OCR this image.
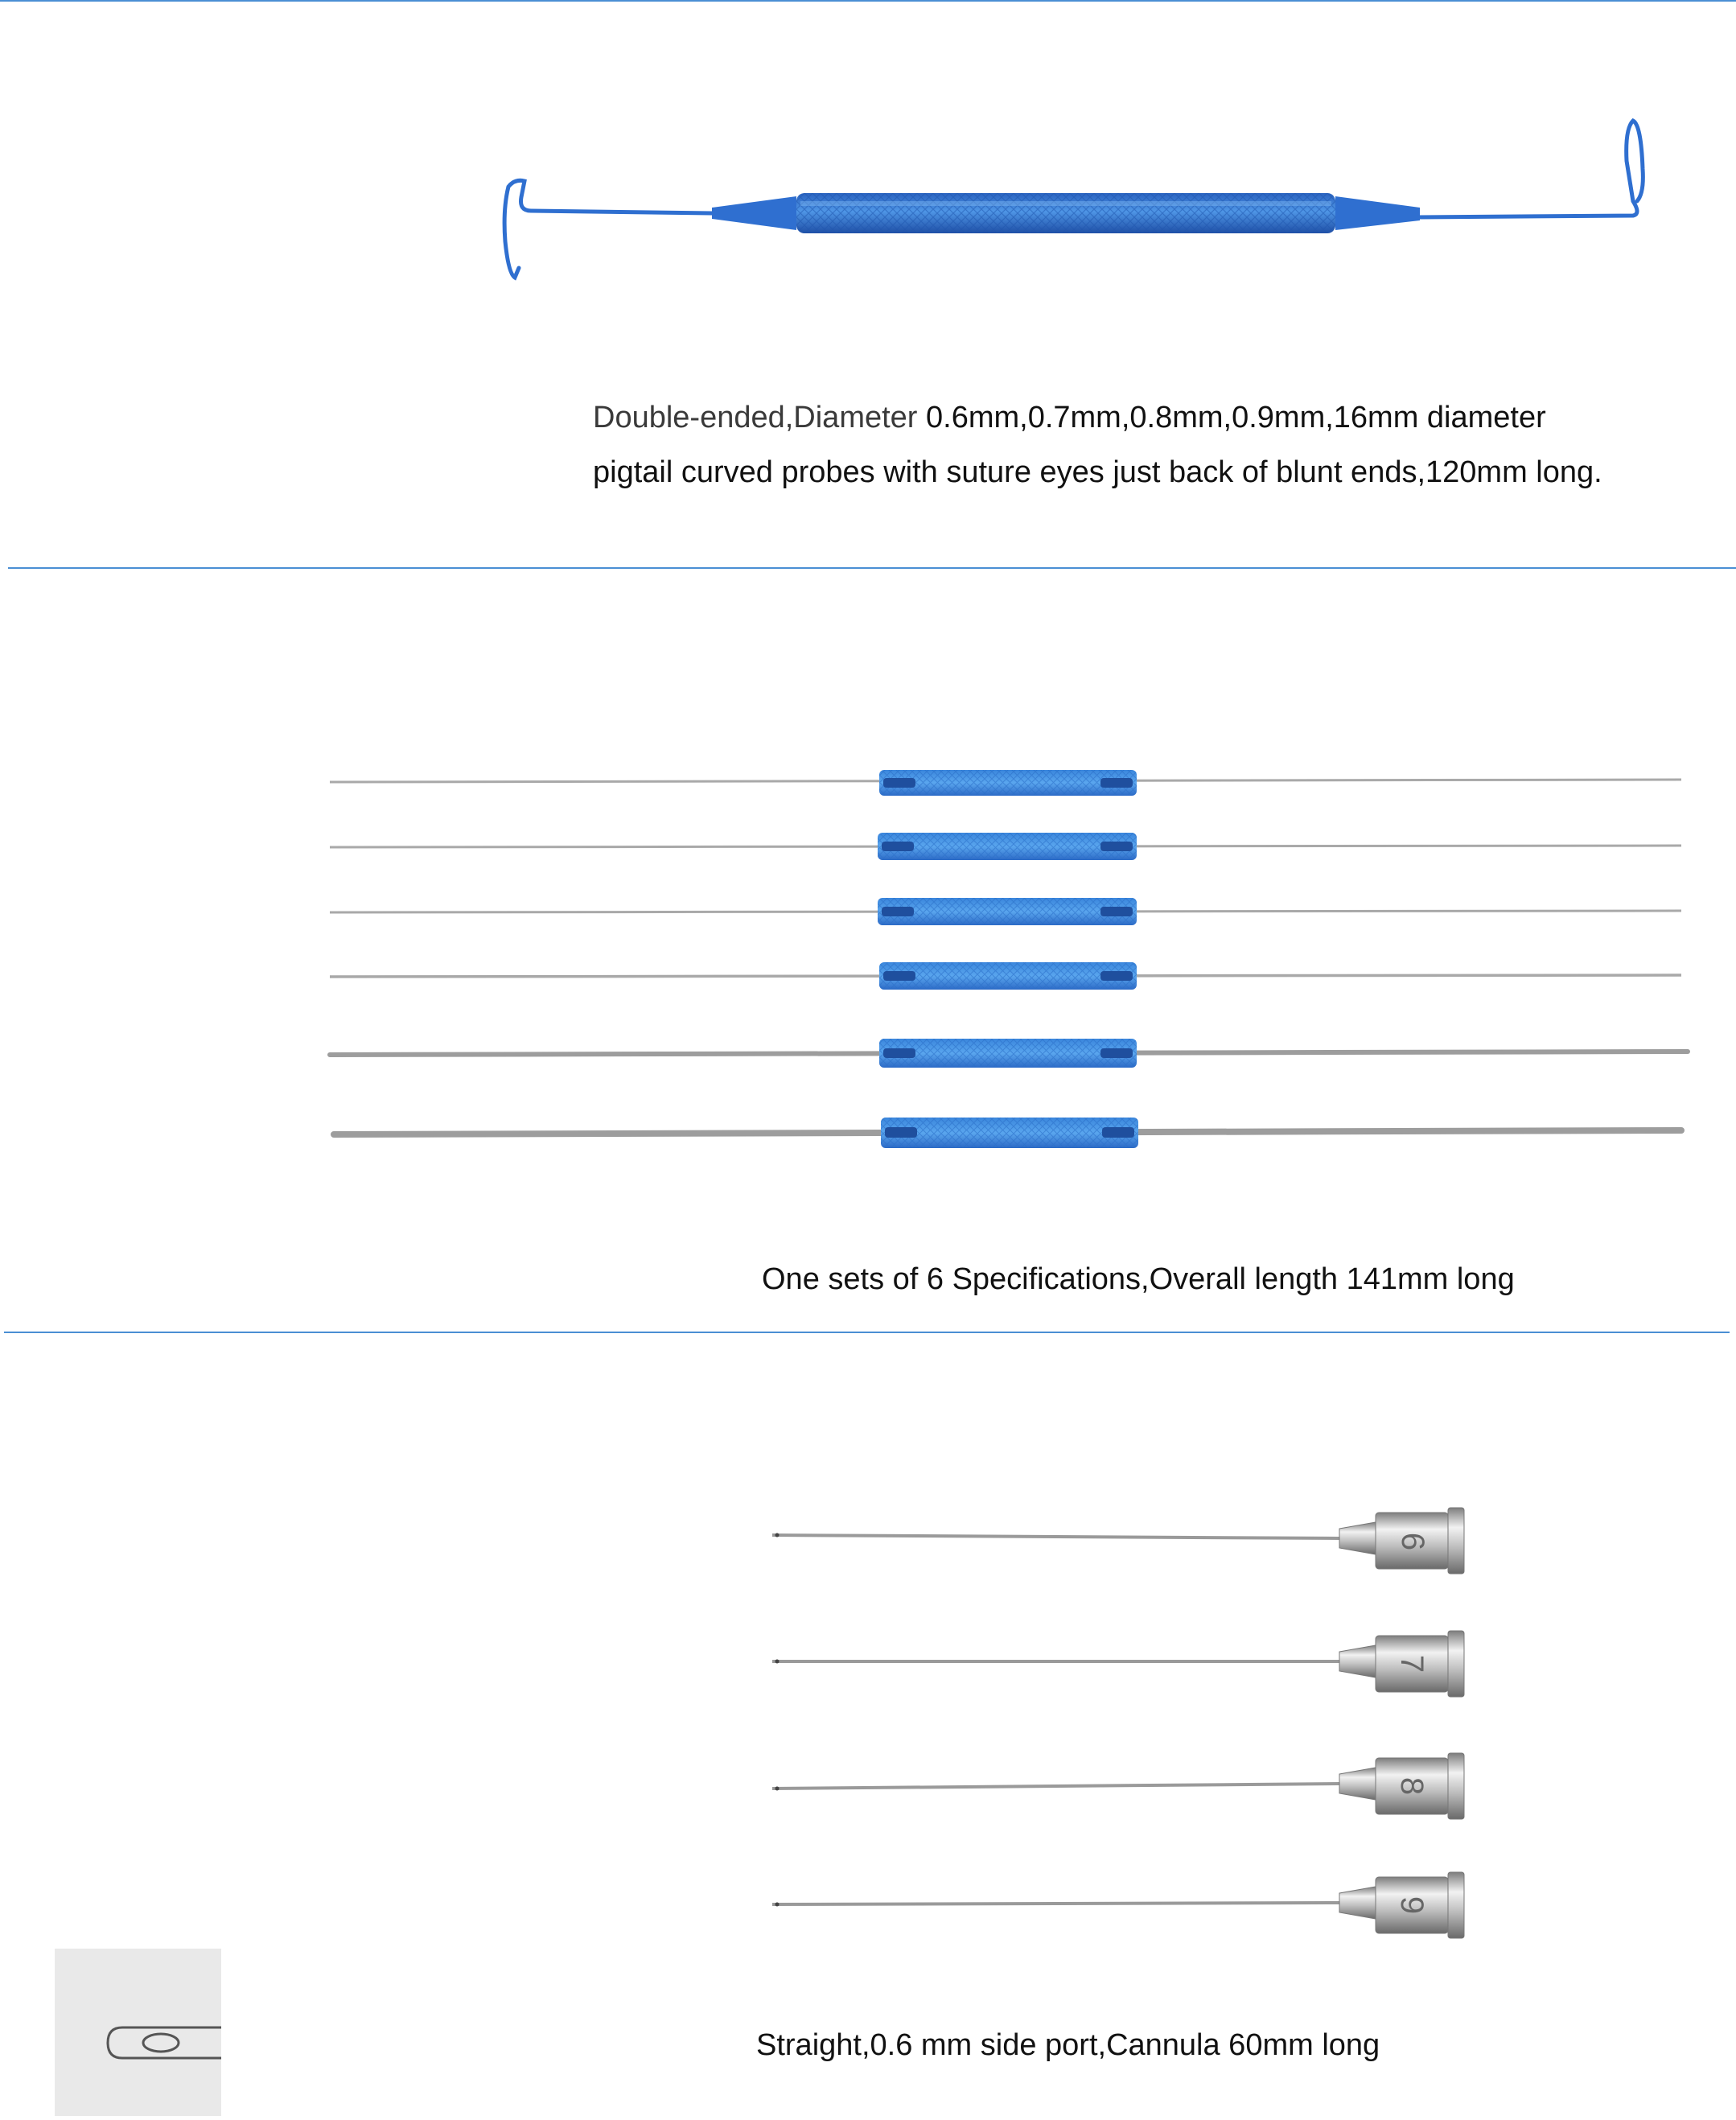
Double-ended,Diameter 0.6mm,0.7mm,0.8mm,0.9mm,16mm diameter
pigtail curved probes with suture eyes just back of blunt ends,120mm long.
One sets of 6 Specifications,Overall length 141mm long
6
7
8
9
Straight,0.6 mm side port,Cannula 60mm long
